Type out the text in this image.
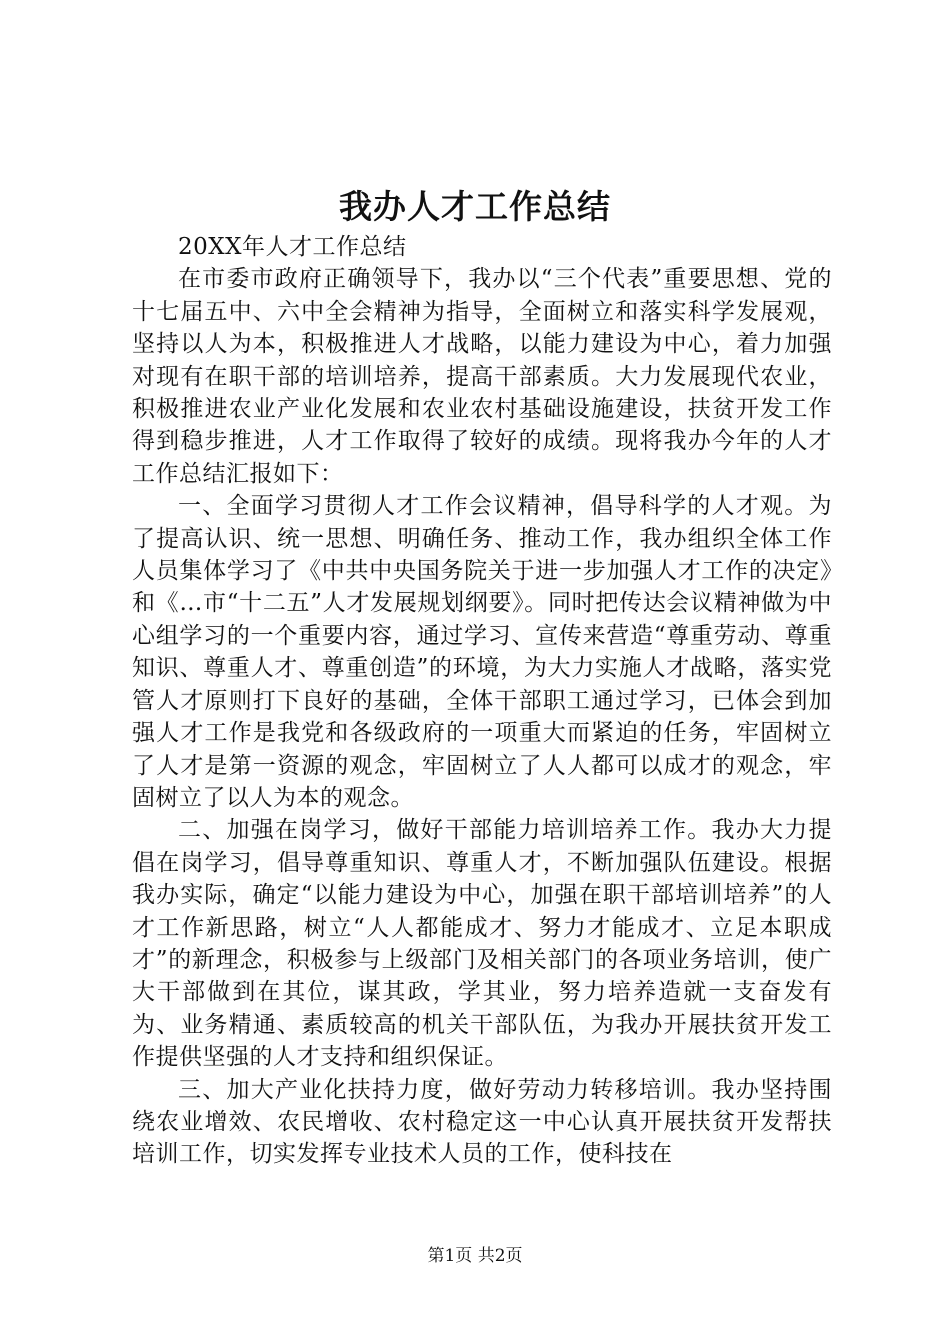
我办人才工作总结

20XX年人才工作总结

在市委市政府正确领导下，我办以“三个代表”重要思想、党的十七届五中、六中全会精神为指导，全面树立和落实科学发展观，坚持以人为本，积极推进人才战略，以能力建设为中心，着力加强对现有在职干部的培训培养，提高干部素质。大力发展现代农业，积极推进农业产业化发展和农业农村基础设施建设，扶贫开发工作得到稳步推进，人才工作取得了较好的成绩。现将我办今年的人才工作总结汇报如下：

一、全面学习贯彻人才工作会议精神，倡导科学的人才观。为了提高认识、统一思想、明确任务、推动工作，我办组织全体工作人员集体学习了《中共中央国务院关于进一步加强人才工作的决定》和《…市“十二五”人才发展规划纲要》。同时把传达会议精神做为中心组学习的一个重要内容，通过学习、宣传来营造“尊重劳动、尊重知识、尊重人才、尊重创造”的环境，为大力实施人才战略，落实党管人才原则打下良好的基础，全体干部职工通过学习，已体会到加强人才工作是我党和各级政府的一项重大而紧迫的任务，牢固树立了人才是第一资源的观念，牢固树立了人人都可以成才的观念，牢固树立了以人为本的观念。

二、加强在岗学习，做好干部能力培训培养工作。我办大力提倡在岗学习，倡导尊重知识、尊重人才，不断加强队伍建设。根据我办实际，确定“以能力建设为中心，加强在职干部培训培养”的人才工作新思路，树立“人人都能成才、努力才能成才、立足本职成才”的新理念，积极参与上级部门及相关部门的各项业务培训，使广大干部做到在其位，谋其政，学其业，努力培养造就一支奋发有为、业务精通、素质较高的机关干部队伍，为我办开展扶贫开发工作提供坚强的人才支持和组织保证。

三、加大产业化扶持力度，做好劳动力转移培训。我办坚持围绕农业增效、农民增收、农村稳定这一中心认真开展扶贫开发帮扶培训工作，切实发挥专业技术人员的工作，使科技在

第1页 共2页
